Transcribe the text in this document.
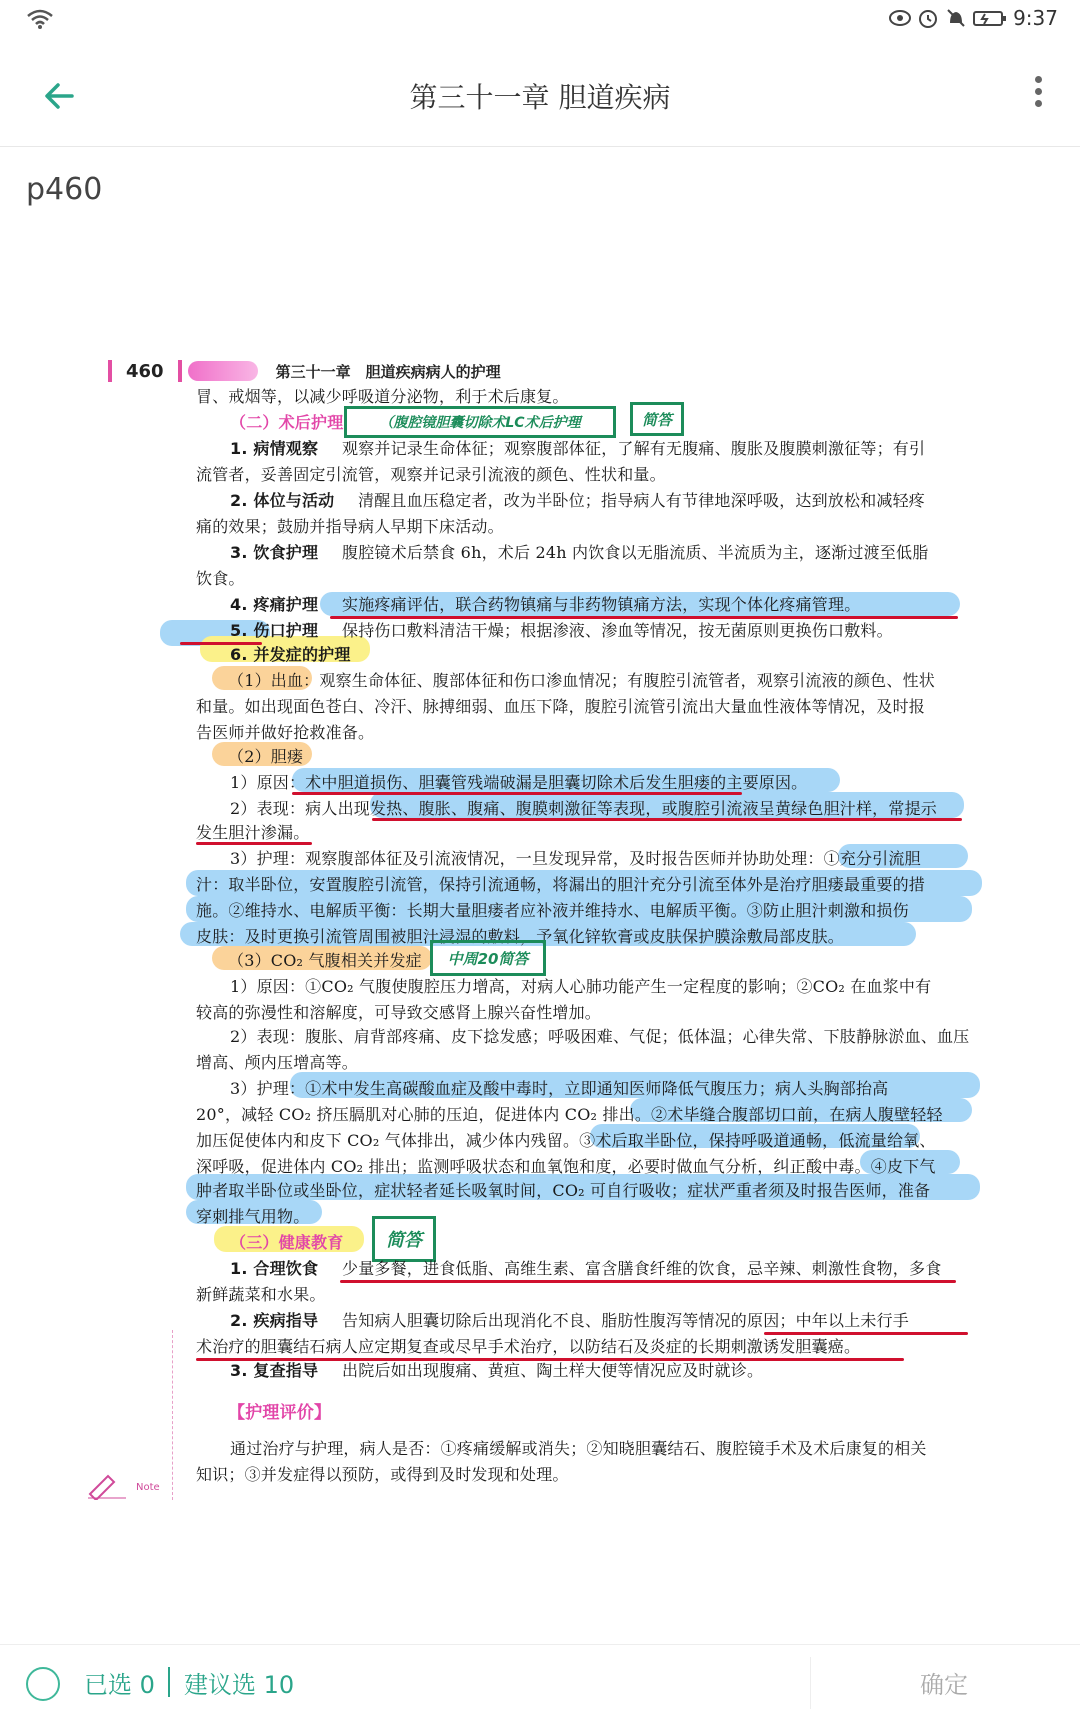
9:37
第三十一章 胆道疾病
p460
460	第三十一章　胆道疾病病人的护理
冒、戒烟等，以减少呼吸道分泌物，利于术后康复。
（二）术后护理	（腹腔镜胆囊切除术LC术后护理	简答
1. 病情观察 观察并记录生命体征；观察腹部体征，了解有无腹痛、腹胀及腹膜刺激征等；有引
流管者，妥善固定引流管，观察并记录引流液的颜色、性状和量。
2. 体位与活动 清醒且血压稳定者，改为半卧位；指导病人有节律地深呼吸，达到放松和减轻疼
痛的效果；鼓励并指导病人早期下床活动。
3. 饮食护理 腹腔镜术后禁食 6h，术后 24h 内饮食以无脂流质、半流质为主，逐渐过渡至低脂
饮食。
4. 疼痛护理 实施疼痛评估，联合药物镇痛与非药物镇痛方法，实现个体化疼痛管理。
5. 伤口护理 保持伤口敷料清洁干燥；根据渗液、渗血等情况，按无菌原则更换伤口敷料。
6. 并发症的护理
（1）出血：观察生命体征、腹部体征和伤口渗血情况；有腹腔引流管者，观察引流液的颜色、性状
和量。如出现面色苍白、冷汗、脉搏细弱、血压下降，腹腔引流管引流出大量血性液体等情况，及时报
告医师并做好抢救准备。
（2）胆瘘
1）原因：术中胆道损伤、胆囊管残端破漏是胆囊切除术后发生胆瘘的主要原因。
2）表现：病人出现发热、腹胀、腹痛、腹膜刺激征等表现，或腹腔引流液呈黄绿色胆汁样，常提示
发生胆汁渗漏。
3）护理：观察腹部体征及引流液情况，一旦发现异常，及时报告医师并协助处理：①充分引流胆
汁：取半卧位，安置腹腔引流管，保持引流通畅，将漏出的胆汁充分引流至体外是治疗胆瘘最重要的措
施。②维持水、电解质平衡：长期大量胆瘘者应补液并维持水、电解质平衡。③防止胆汁刺激和损伤
皮肤：及时更换引流管周围被胆汁浸湿的敷料，予氧化锌软膏或皮肤保护膜涂敷局部皮肤。
（3）CO₂ 气腹相关并发症	中周20简答
1）原因：①CO₂ 气腹使腹腔压力增高，对病人心肺功能产生一定程度的影响；②CO₂ 在血浆中有
较高的弥漫性和溶解度，可导致交感肾上腺兴奋性增加。
2）表现：腹胀、肩背部疼痛、皮下捻发感；呼吸困难、气促；低体温；心律失常、下肢静脉淤血、血压
增高、颅内压增高等。
3）护理：①术中发生高碳酸血症及酸中毒时，立即通知医师降低气腹压力；病人头胸部抬高
20°，减轻 CO₂ 挤压膈肌对心肺的压迫，促进体内 CO₂ 排出。②术毕缝合腹部切口前，在病人腹壁轻轻
加压促使体内和皮下 CO₂ 气体排出，减少体内残留。③术后取半卧位，保持呼吸道通畅，低流量给氧、
深呼吸，促进体内 CO₂ 排出；监测呼吸状态和血氧饱和度，必要时做血气分析，纠正酸中毒。④皮下气
肿者取半卧位或坐卧位，症状轻者延长吸氧时间，CO₂ 可自行吸收；症状严重者须及时报告医师，准备
穿刺排气用物。
（三）健康教育	简答
1. 合理饮食 少量多餐，进食低脂、高维生素、富含膳食纤维的饮食，忌辛辣、刺激性食物，多食
新鲜蔬菜和水果。
2. 疾病指导 告知病人胆囊切除后出现消化不良、脂肪性腹泻等情况的原因；中年以上未行手
术治疗的胆囊结石病人应定期复查或尽早手术治疗，以防结石及炎症的长期刺激诱发胆囊癌。
3. 复查指导 出院后如出现腹痛、黄疸、陶土样大便等情况应及时就诊。
【护理评价】
通过治疗与护理，病人是否：①疼痛缓解或消失；②知晓胆囊结石、腹腔镜手术及术后康复的相关
知识；③并发症得以预防，或得到及时发现和处理。
Note
已选 0 建议选 10	确定
